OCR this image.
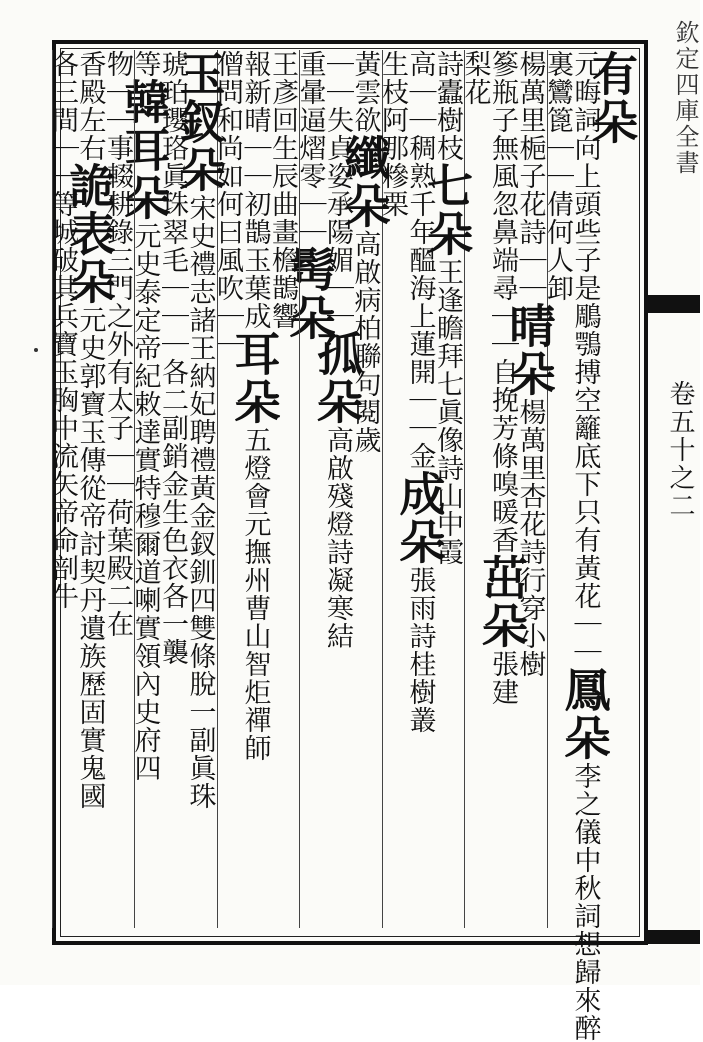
欽定四庫全書
卷五十之二
有朵
元晦詞向上頭些子是鵰鶚搏空籬底下只有黃花｜｜鳳朵李之儀中秋詞想歸來醉
裏鸞篦｜｜倩何人卸
楊萬里梔子花詩｜｜晴朵楊萬里杏花詩行穿小樹
篸瓶子無風忽鼻端尋｜｜自挽芳條嗅暖香茁朵張建
梨花
詩蠹樹枝七朵王逢瞻拜七眞像詩山中霞
高｜｜稠熟千年醞海上蓮開｜｜金成朵張雨詩桂樹叢
生枝阿那糝栗
黃雲欲纖朵高啟病柏聯句閱歲
｜｜失貞姿承陽媚｜｜孤朵高啟殘燈詩凝寒結
重暈逼熠零｜｜髩朵
王彥回生辰曲畫檐鵲響
報新晴｜｜初鵲玉葉成耳朵五燈會元撫州曹山智炬禪師
僧問和尚如何曰風吹｜｜
玉釵朵宋史禮志諸王納妃聘禮黃金釵釧四雙條脫一副眞珠
琥珀瓔珞眞珠翠毛｜｜｜各二副銷金生色衣各一襲
等韓耳朵元史泰定帝紀敕達實特穆爾道喇實領內史府四
物｜｜事輟耕錄三門之外有太子｜｜荷葉殿二在
香殿左右詭表朵元史郭寶玉傳從帝討契丹遺族歷固實鬼國
各三間｜｜等城破其兵寶玉胸中流矢帝命剖牛
